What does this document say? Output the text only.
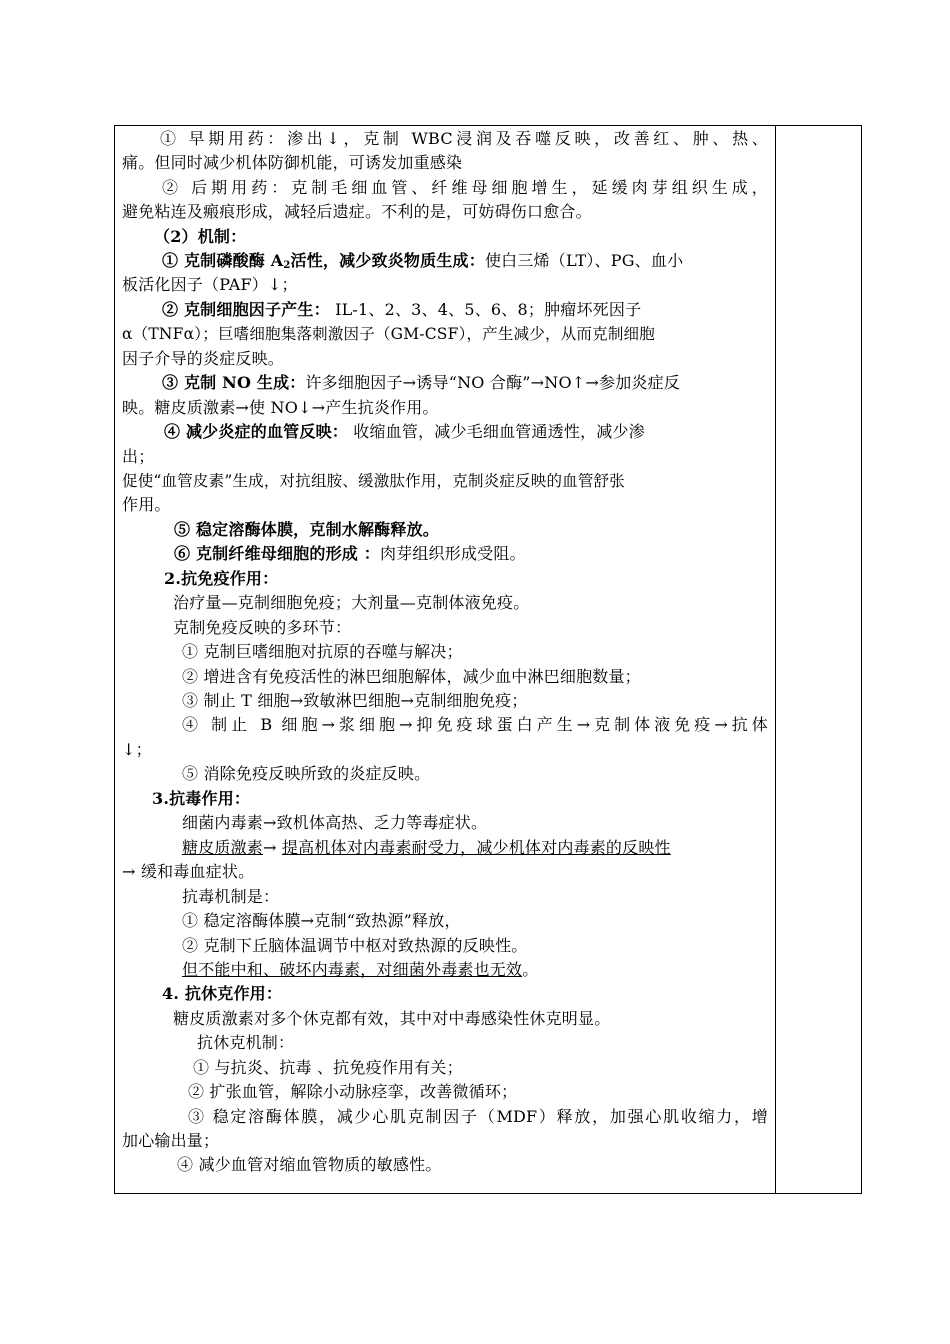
① 早期用药：渗出↓，克制 WBC浸润及吞噬反映，改善红、肿、热、
痛。但同时减少机体防御机能，可诱发加重感染
② 后期用药：克制毛细血管、纤维母细胞增生，延缓肉芽组织生成，
避免粘连及瘢痕形成，减轻后遗症。不利的是，可妨碍伤口愈合。
（2）机制：
① 克制磷酸酶 $A_2$活性，减少致炎物质生成：使白三烯（LT）、PG、血小
板活化因子（PAF）↓；
② 克制细胞因子产生： IL-1、2、3、4、5、6、8；肿瘤坏死因子
α（TNFα）；巨嗜细胞集落刺激因子（GM-CSF），产生减少，从而克制细胞
因子介导的炎症反映。
③ 克制 NO 生成：许多细胞因子→诱导“NO 合酶”→NO↑→参加炎症反
映。糖皮质激素→使 NO↓→产生抗炎作用。
④ 减少炎症的血管反映： 收缩血管，减少毛细血管通透性，减少渗
出；
促使“血管皮素”生成，对抗组胺、缓激肽作用，克制炎症反映的血管舒张
作用。
⑤ 稳定溶酶体膜，克制水解酶释放。
⑥ 克制纤维母细胞的形成 ：肉芽组织形成受阻。
2.抗免疫作用：
治疗量—克制细胞免疫；大剂量—克制体液免疫。
克制免疫反映的多环节：
① 克制巨嗜细胞对抗原的吞噬与解决；
② 增进含有免疫活性的淋巴细胞解体，减少血中淋巴细胞数量；
③ 制止 T 细胞→致敏淋巴细胞→克制细胞免疫；
④ 制止 B 细胞→浆细胞→抑免疫球蛋白产生→克制体液免疫→抗体
↓；
⑤ 消除免疫反映所致的炎症反映。
3.抗毒作用：
细菌内毒素→致机体高热、乏力等毒症状。
糖皮质激素→ 提高机体对内毒素耐受力，减少机体对内毒素的反映性
→ 缓和毒血症状。
抗毒机制是：
① 稳定溶酶体膜→克制“致热源”释放，
② 克制下丘脑体温调节中枢对致热源的反映性。
但不能中和、破坏内毒素，对细菌外毒素也无效。
4. 抗休克作用：
糖皮质激素对多个休克都有效，其中对中毒感染性休克明显。
抗休克机制：
① 与抗炎、抗毒 、抗免疫作用有关；
② 扩张血管，解除小动脉痉挛，改善微循环；
③ 稳定溶酶体膜，减少心肌克制因子（MDF）释放，加强心肌收缩力，增
加心输出量；
④ 减少血管对缩血管物质的敏感性。
